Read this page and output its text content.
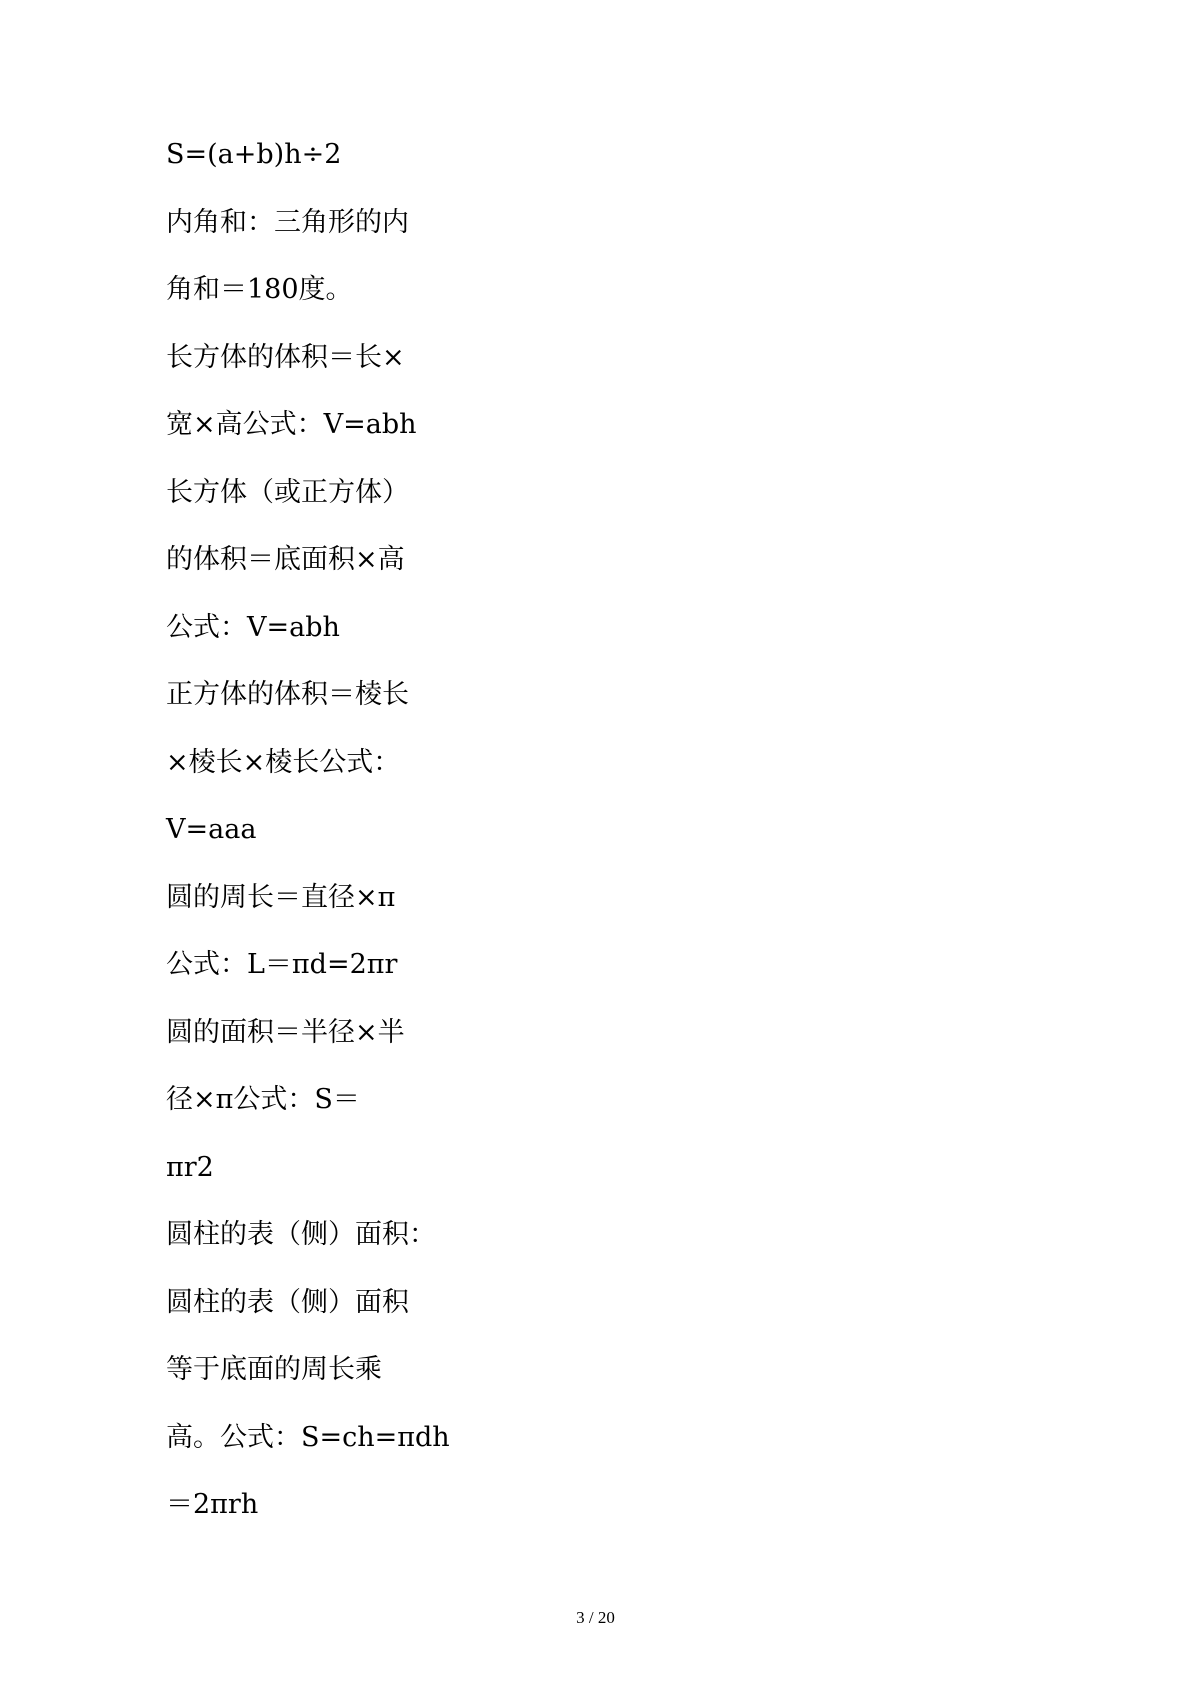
S=(a+b)h÷2
内角和：三角形的内
角和＝180度。
长方体的体积＝长×
宽×高公式：V=abh
长方体（或正方体）
的体积＝底面积×高
公式：V=abh
正方体的体积＝棱长
×棱长×棱长公式：
V=aaa
圆的周长＝直径×π
公式：L＝πd=2πr
圆的面积＝半径×半
径×π公式：S＝
πr2
圆柱的表（侧）面积：
圆柱的表（侧）面积
等于底面的周长乘
高。公式：S=ch=πdh
＝2πrh
3 / 20
